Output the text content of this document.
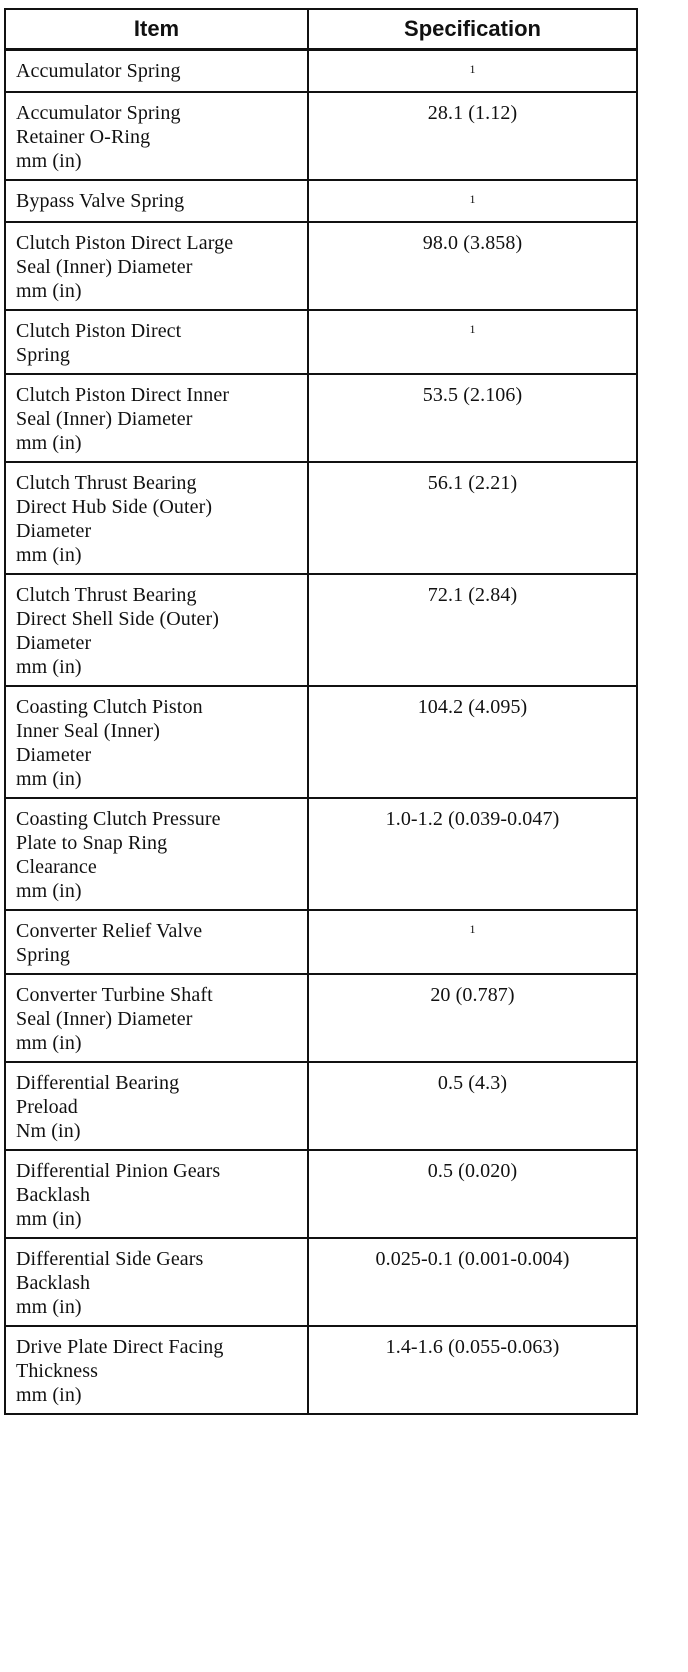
Item	Specification

Accumulator Spring	$^1$

Accumulator Spring
Retainer O-Ring
mm (in)	28.1 (1.12)

Bypass Valve Spring	$^1$

Clutch Piston Direct Large
Seal (Inner) Diameter
mm (in)	98.0 (3.858)

Clutch Piston Direct
Spring	$^1$

Clutch Piston Direct Inner
Seal (Inner) Diameter
mm (in)	53.5 (2.106)

Clutch Thrust Bearing
Direct Hub Side (Outer)
Diameter
mm (in)	56.1 (2.21)

Clutch Thrust Bearing
Direct Shell Side (Outer)
Diameter
mm (in)	72.1 (2.84)

Coasting Clutch Piston
Inner Seal (Inner)
Diameter
mm (in)	104.2 (4.095)

Coasting Clutch Pressure
Plate to Snap Ring
Clearance
mm (in)	1.0-1.2 (0.039-0.047)

Converter Relief Valve
Spring	$^1$

Converter Turbine Shaft
Seal (Inner) Diameter
mm (in)	20 (0.787)

Differential Bearing
Preload
Nm (in)	0.5 (4.3)

Differential Pinion Gears
Backlash
mm (in)	0.5 (0.020)

Differential Side Gears
Backlash
mm (in)	0.025-0.1 (0.001-0.004)

Drive Plate Direct Facing
Thickness
mm (in)	1.4-1.6 (0.055-0.063)
